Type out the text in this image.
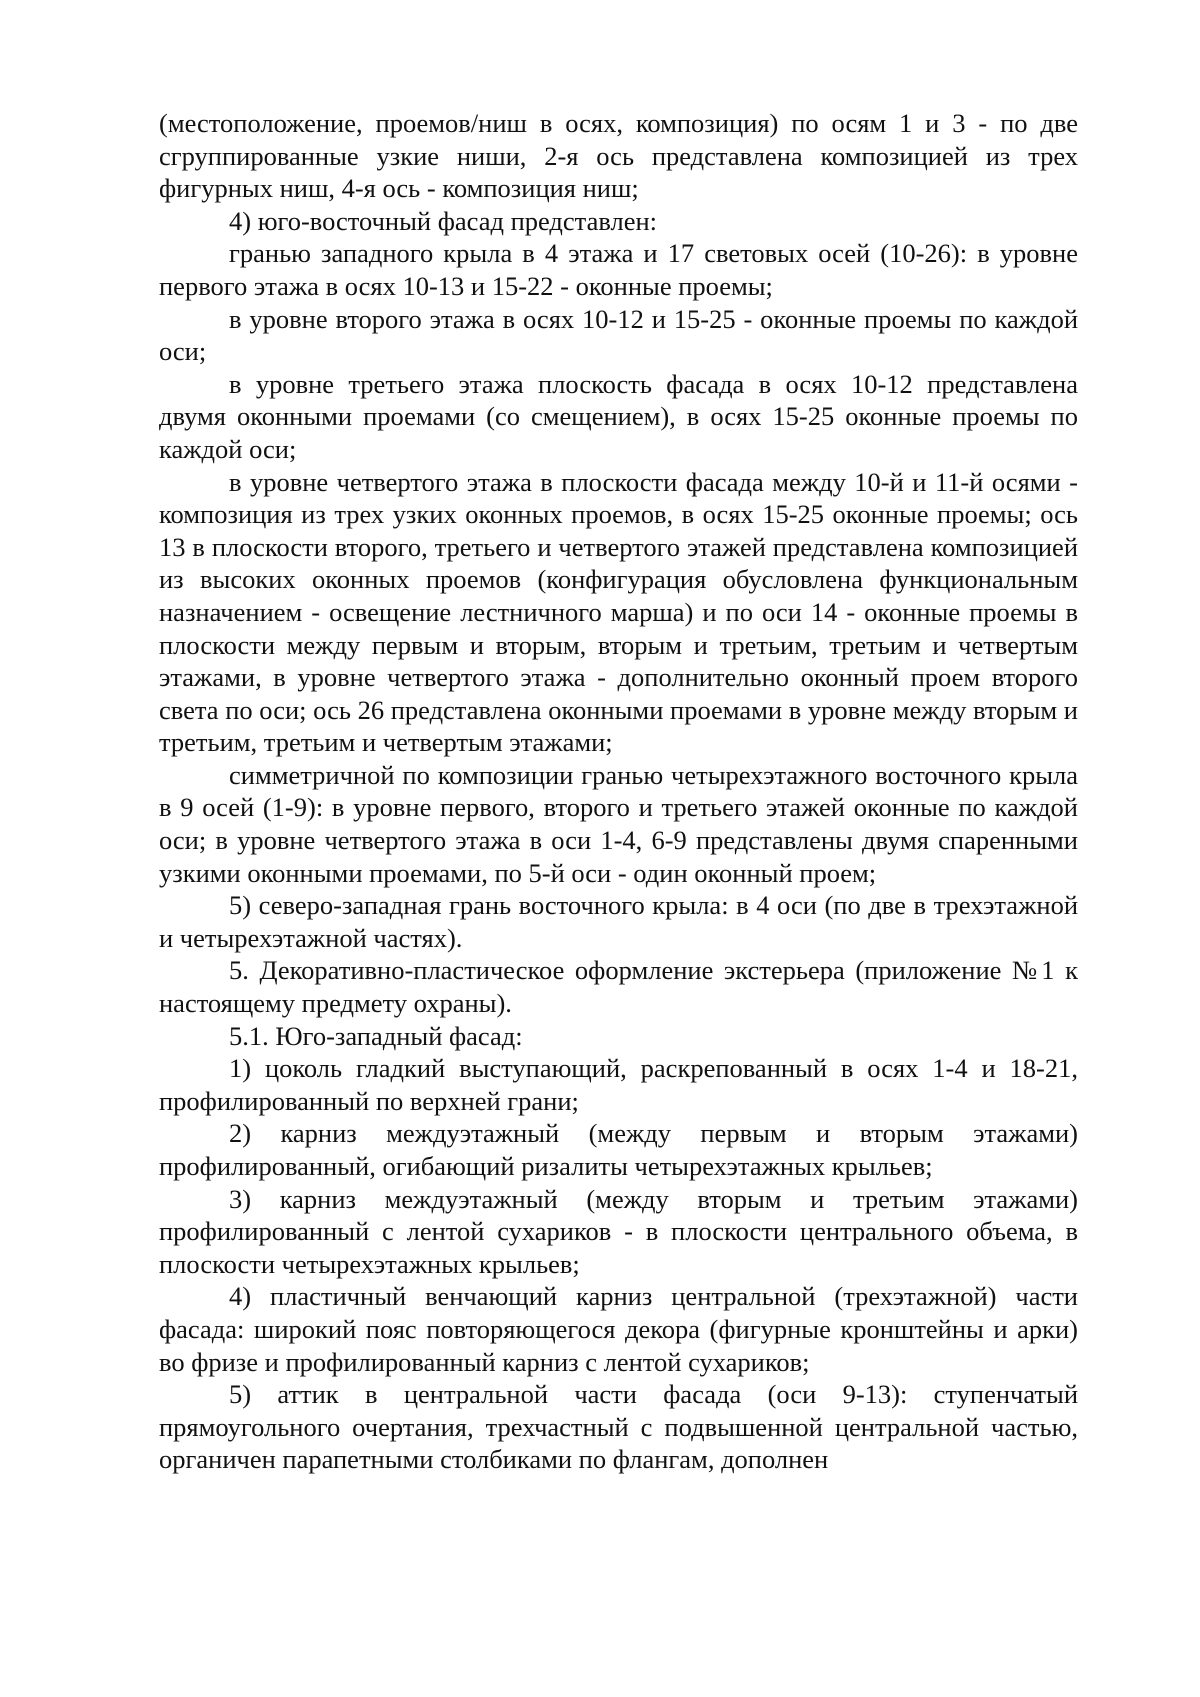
(местоположение, проемов/ниш в осях, композиция) по осям 1 и 3 - по две сгруппированные узкие ниши, 2-я ось представлена композицией из трех фигурных ниш, 4-я ось - композиция ниш;

4) юго-восточный фасад представлен:

гранью западного крыла в 4 этажа и 17 световых осей (10-26): в уровне первого этажа в осях 10-13 и 15-22 - оконные проемы;

в уровне второго этажа в осях 10-12 и 15-25 - оконные проемы по каждой оси;

в уровне третьего этажа плоскость фасада в осях 10-12 представлена двумя оконными проемами (со смещением), в осях 15-25 оконные проемы по каждой оси;

в уровне четвертого этажа в плоскости фасада между 10-й и 11-й осями - композиция из трех узких оконных проемов, в осях 15-25 оконные проемы; ось 13 в плоскости второго, третьего и четвертого этажей представлена композицией из высоких оконных проемов (конфигурация обусловлена функциональным назначением - освещение лестничного марша) и по оси 14 - оконные проемы в плоскости между первым и вторым, вторым и третьим, третьим и четвертым этажами, в уровне четвертого этажа - дополнительно оконный проем второго света по оси; ось 26 представлена оконными проемами в уровне между вторым и третьим, третьим и четвертым этажами;

симметричной по композиции гранью четырехэтажного восточного крыла в 9 осей (1-9): в уровне первого, второго и третьего этажей оконные по каждой оси; в уровне четвертого этажа в оси 1-4, 6-9 представлены двумя спаренными узкими оконными проемами, по 5-й оси - один оконный проем;

5) северо-западная грань восточного крыла: в 4 оси (по две в трехэтажной и четырехэтажной частях).

5. Декоративно-пластическое оформление экстерьера (приложение №1 к настоящему предмету охраны).

5.1. Юго-западный фасад:

1) цоколь гладкий выступающий, раскрепованный в осях 1-4 и 18-21, профилированный по верхней грани;

2) карниз междуэтажный (между первым и вторым этажами) профилированный, огибающий ризалиты четырехэтажных крыльев;

3) карниз междуэтажный (между вторым и третьим этажами) профилированный с лентой сухариков - в плоскости центрального объема, в плоскости четырехэтажных крыльев;

4) пластичный венчающий карниз центральной (трехэтажной) части фасада: широкий пояс повторяющегося декора (фигурные кронштейны и арки) во фризе и профилированный карниз с лентой сухариков;

5) аттик в центральной части фасада (оси 9-13): ступенчатый прямоугольного очертания, трехчастный с подвышенной центральной частью, органичен парапетными столбиками по флангам, дополнен
